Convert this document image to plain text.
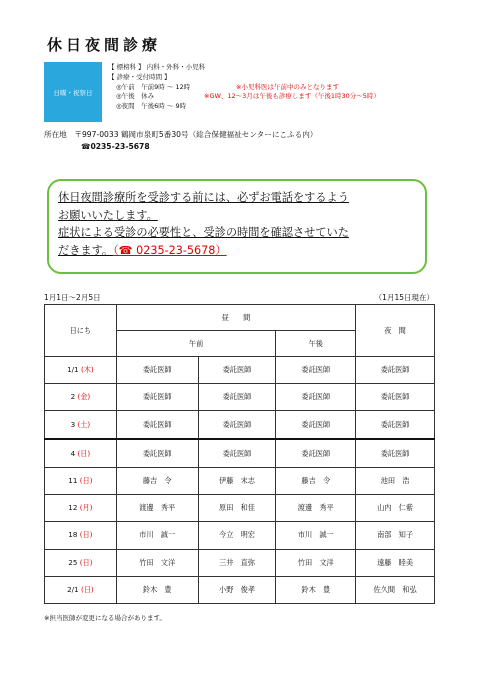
休日夜間診療
日曜・祝祭日
【 標榜科 】 内科・外科・小児科
【 診療・受付時間 】
◎午前　午前9時 ～ 12時	※小児科医は午前中のみとなります
◎午後　休み	※GW、12～3月は午後も診療します（午後1時30分～5時）
◎夜間　午後6時 ～ 9時
所在地　〒997-0033 鶴岡市泉町5番30号（総合保健福祉センターにこふる内）
☎0235-23-5678
休日夜間診療所を受診する前には、必ずお電話をするよう
お願いいたします。
症状による受診の必要性と、受診の時間を確認させていた
だきます。（☎ 0235-23-5678）
1月1日～2月5日	（1月15日現在）
日にち	昼　　間			夜　間
	午前		午後	
1/1 (木)	委託医師	委託医師	委託医師	委託医師
2 (金)	委託医師	委託医師	委託医師	委託医師
3 (土)	委託医師	委託医師	委託医師	委託医師
4 (日)	委託医師	委託医師	委託医師	委託医師
11 (日)	藤吉　令	伊藤　末志	藤吉　令	池田　浩
12 (月)	渡邊　秀平	原田　和佳	渡邊　秀平	山内　仁紫
18 (日)	市川　誠一	今立　明宏	市川　誠一	南部　知子
25 (日)	竹田　文洋	三井　直弥	竹田　文洋	遠藤　睦美
2/1 (日)	鈴木　豊	小野　俊孝	鈴木　豊	佐久間　和弘
※担当医師が変更になる場合があります。
